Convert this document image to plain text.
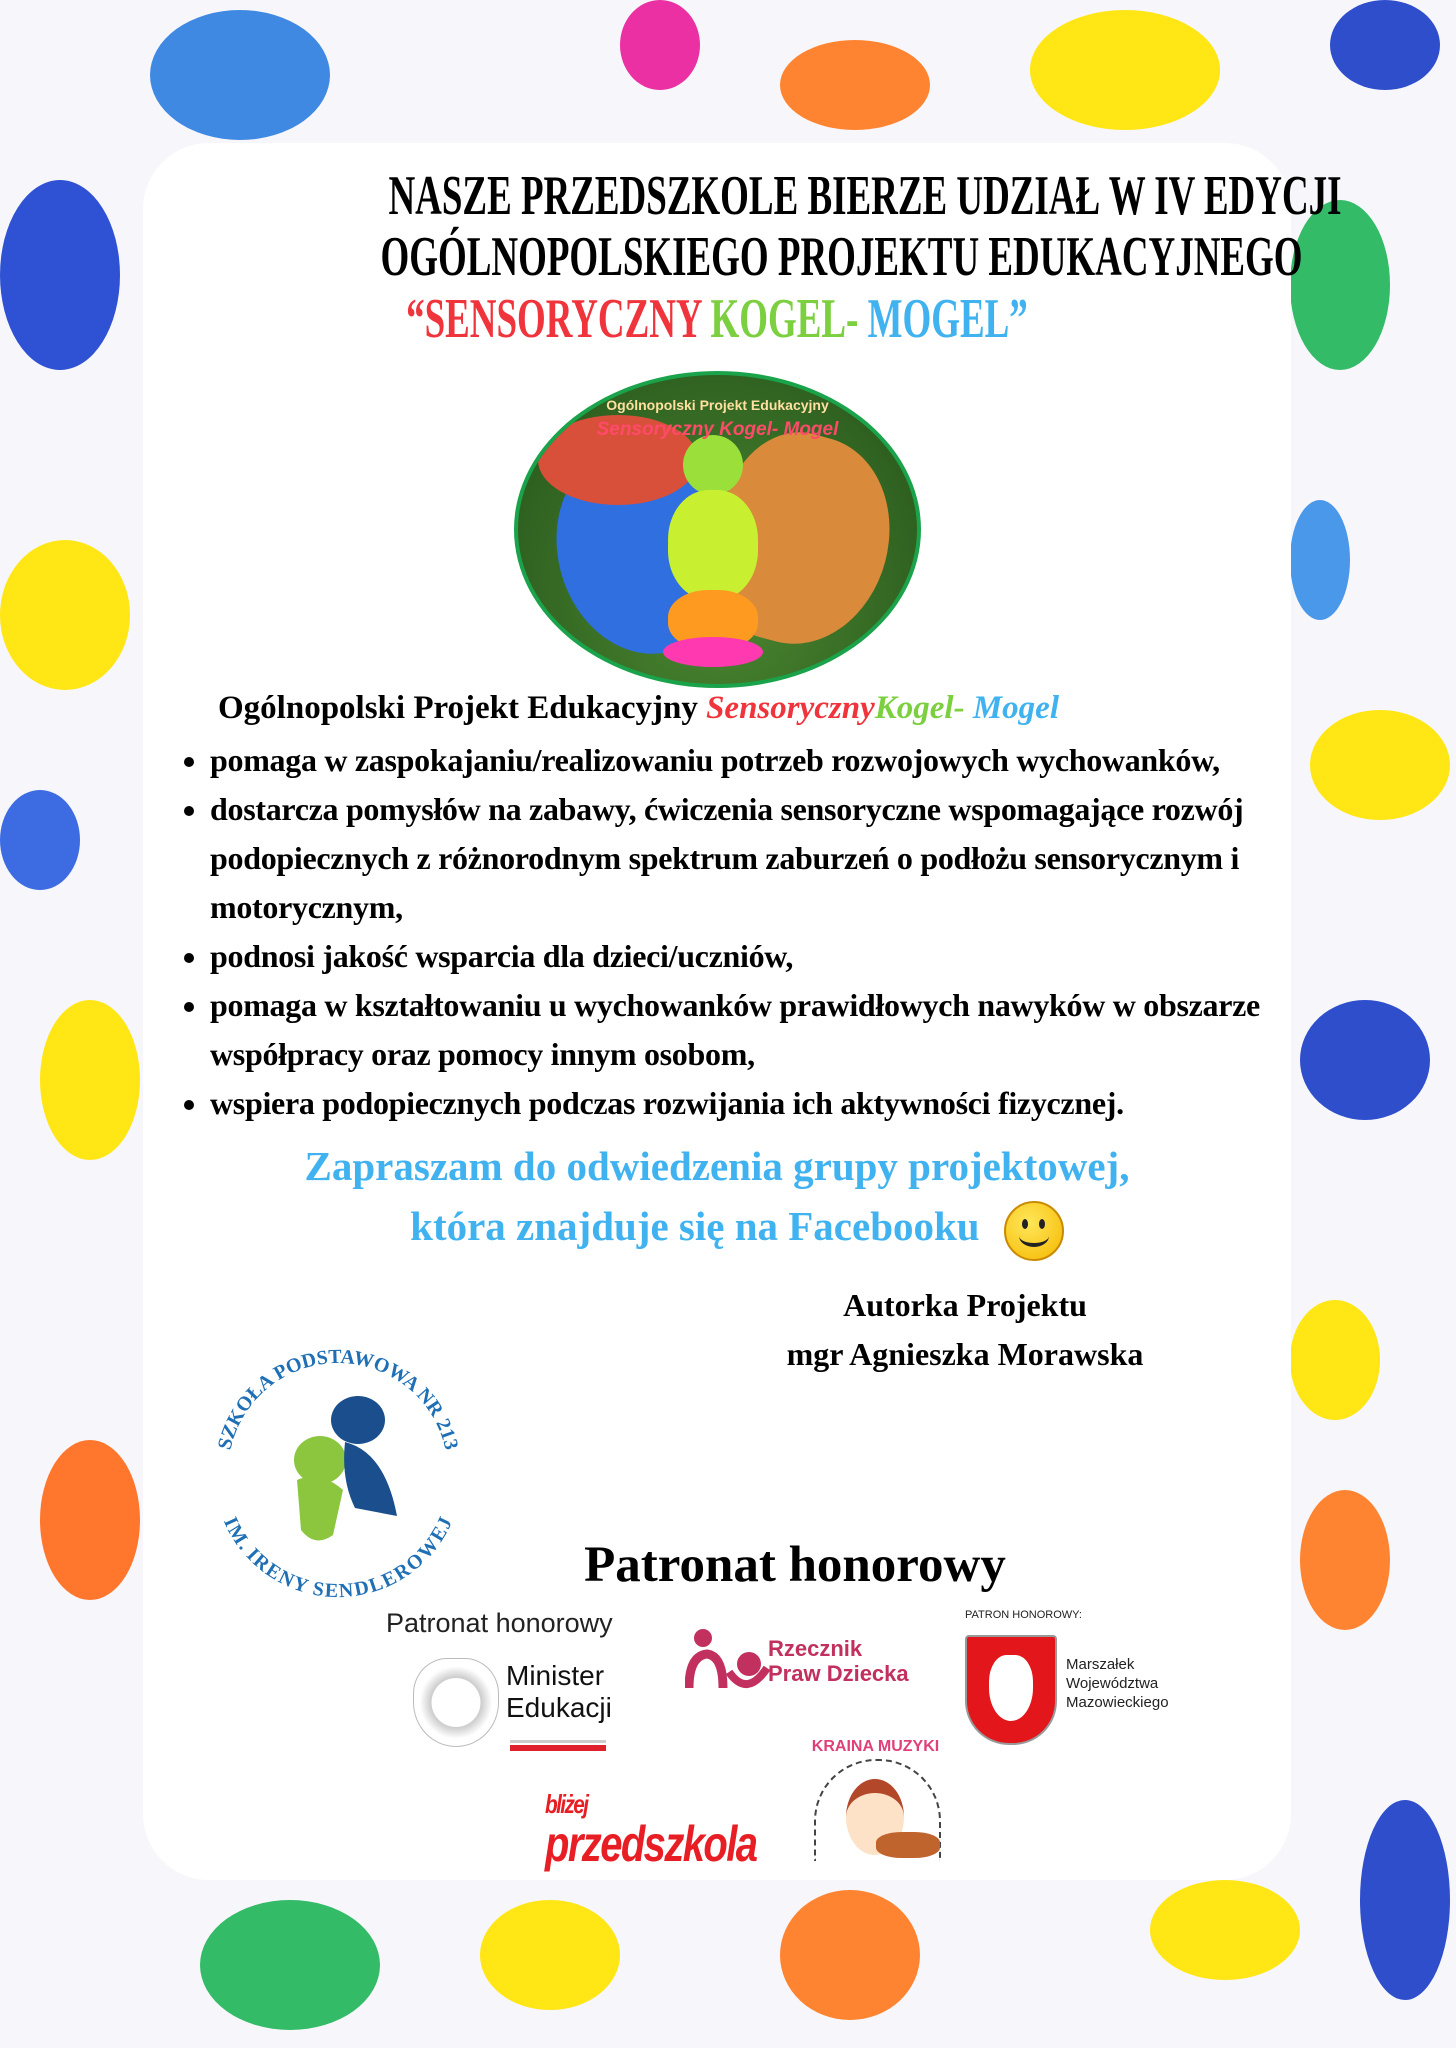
NASZE PRZEDSZKOLE BIERZE UDZIAŁ W IV EDYCJI
OGÓLNOPOLSKIEGO PROJEKTU EDUKACYJNEGO
“SENSORYCZNY KOGEL- MOGEL”
Ogólnopolski Projekt Edukacyjny
Sensoryczny Kogel- Mogel
Ogólnopolski Projekt Edukacyjny SensorycznyKogel- Mogel
• pomaga w zaspokajaniu/realizowaniu potrzeb rozwojowych wychowanków,
• dostarcza pomysłów na zabawy, ćwiczenia sensoryczne wspomagające rozwój podopiecznych z różnorodnym spektrum zaburzeń o podłożu sensorycznym i motorycznym,
• podnosi jakość wsparcia dla dzieci/uczniów,
• pomaga w kształtowaniu u wychowanków prawidłowych nawyków w obszarze współpracy oraz pomocy innym osobom,
• wspiera podopiecznych podczas rozwijania ich aktywności fizycznej.
Zapraszam do odwiedzenia grupy projektowej,
która znajduje się na Facebooku
Autorka Projektu
mgr Agnieszka Morawska
SZKOŁA PODSTAWOWA NR 213
IM. IRENY SENDLEROWEJ
Patronat honorowy
Patronat honorowy
Minister
Edukacji
Rzecznik
Praw Dziecka
PATRON HONOROWY:
Marszałek
Województwa
Mazowieckiego
KRAINA MUZYKI
bliżej
przedszkola
